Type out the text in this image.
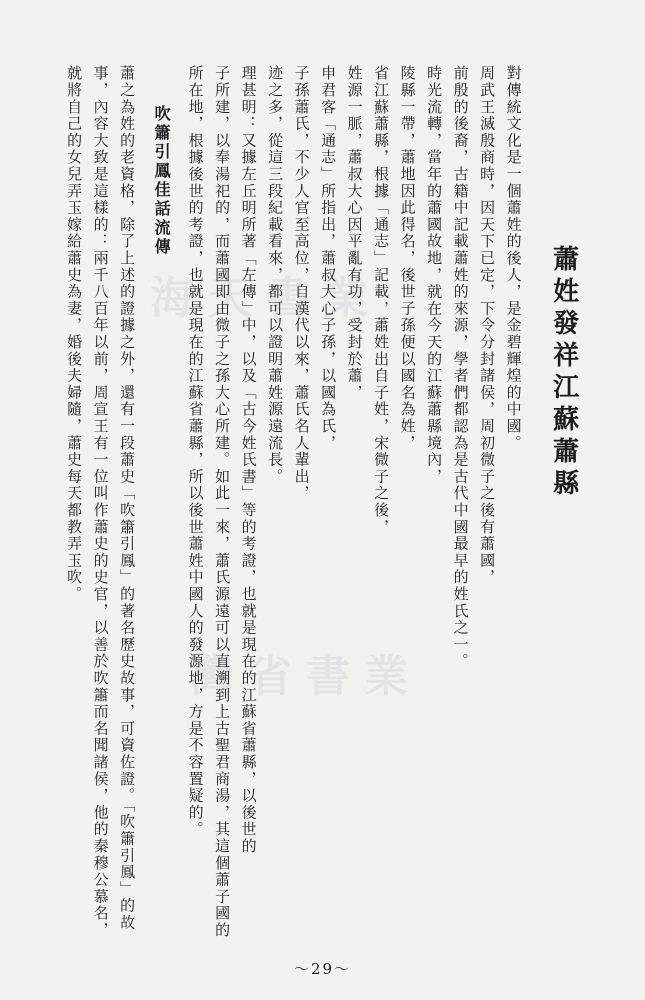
海天書業
灣省書業
蕭姓發祥江蘇蕭縣

對傳統文化是一個蕭姓的後人，是金碧輝煌的中國。

周武王滅殷商時，因天下已定，下令分封諸侯，周初微子之後有蕭國，

前殷的後裔，古籍中記載蕭姓的來源，學者們都認為是古代中國最早的姓氏之一。

時光流轉，當年的蕭國故地，就在今天的江蘇蕭縣境內，

陵縣一帶，蕭地因此得名，後世子孫便以國名為姓，

省江蘇蕭縣，根據「通志」記載，蕭姓出自子姓，宋微子之後，

姓源一脈，蕭叔大心因平亂有功，受封於蕭，

申君客「通志」所指出，蕭叔大心子孫，以國為氏，

子孫蕭氏，不少人官至高位，自漢代以來，蕭氏名人輩出，

迹之多，從這三段紀載看來，都可以證明蕭姓源遠流長。

理甚明：又據左丘明所著「左傳」中，以及「古今姓氏書」等的考證，也就是現在的江蘇省蕭縣，以後世的

子所建，以奉湯祀的，而蕭國即由微子之孫大心所建。如此一來，蕭氏源遠可以直溯到上古聖君商湯，其這個蕭子國的所在地，根據後世的考證，也就是現在的江蘇省蕭縣，所以後世蕭姓中國人的發源地，方是不容置疑的。

吹簫引鳳佳話流傳

蕭之為姓的老資格，除了上述的證據之外，還有一段蕭史「吹簫引鳳」的著名歷史故事，可資佐證。「吹簫引鳳」的故事，內容大致是這樣的：兩千八百年以前，周宣王有一位叫作蕭史的史官，以善於吹簫而名聞諸侯，他的秦穆公慕名，就將自己的女兒弄玉嫁給蕭史為妻，婚後夫婦隨，蕭史每天都教弄玉吹。

～29～
